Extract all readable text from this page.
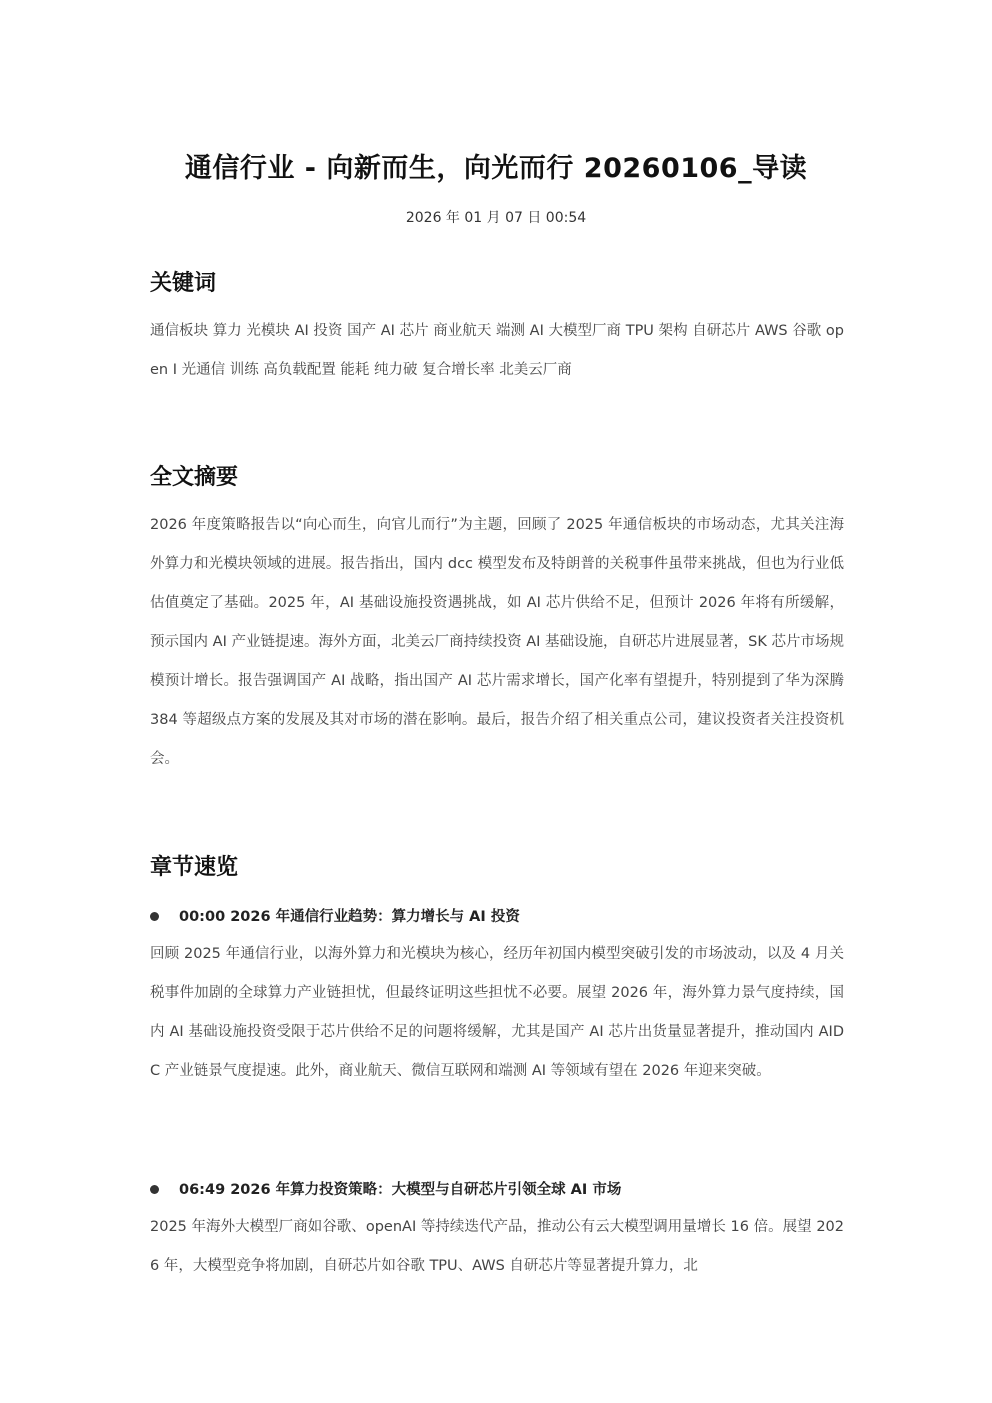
通信行业 - 向新而生，向光而行 20260106_导读
2026 年 01 月 07 日 00:54
关键词
通信板块 算力 光模块 AI 投资 国产 AI 芯片 商业航天 端测 AI 大模型厂商 TPU 架构 自研芯片 AWS 谷歌 open I 光通信 训练 高负载配置 能耗 纯力破 复合增长率 北美云厂商
全文摘要
2026 年度策略报告以“向心而生，向官儿而行”为主题，回顾了 2025 年通信板块的市场动态，尤其关注海外算力和光模块领域的进展。报告指出，国内 dcc 模型发布及特朗普的关税事件虽带来挑战，但也为行业低估值奠定了基础。2025 年，AI 基础设施投资遇挑战，如 AI 芯片供给不足，但预计 2026 年将有所缓解，预示国内 AI 产业链提速。海外方面，北美云厂商持续投资 AI 基础设施，自研芯片进展显著，SK 芯片市场规模预计增长。报告强调国产 AI 战略，指出国产 AI 芯片需求增长，国产化率有望提升，特别提到了华为深腾 384 等超级点方案的发展及其对市场的潜在影响。最后，报告介绍了相关重点公司，建议投资者关注投资机会。
章节速览
00:00 2026 年通信行业趋势：算力增长与 AI 投资
回顾 2025 年通信行业，以海外算力和光模块为核心，经历年初国内模型突破引发的市场波动，以及 4 月关税事件加剧的全球算力产业链担忧，但最终证明这些担忧不必要。展望 2026 年，海外算力景气度持续，国内 AI 基础设施投资受限于芯片供给不足的问题将缓解，尤其是国产 AI 芯片出货量显著提升，推动国内 AIDC 产业链景气度提速。此外，商业航天、微信互联网和端测 AI 等领域有望在 2026 年迎来突破。
06:49 2026 年算力投资策略：大模型与自研芯片引领全球 AI 市场
2025 年海外大模型厂商如谷歌、openAI 等持续迭代产品，推动公有云大模型调用量增长 16 倍。展望 2026 年，大模型竞争将加剧，自研芯片如谷歌 TPU、AWS 自研芯片等显著提升算力，北
